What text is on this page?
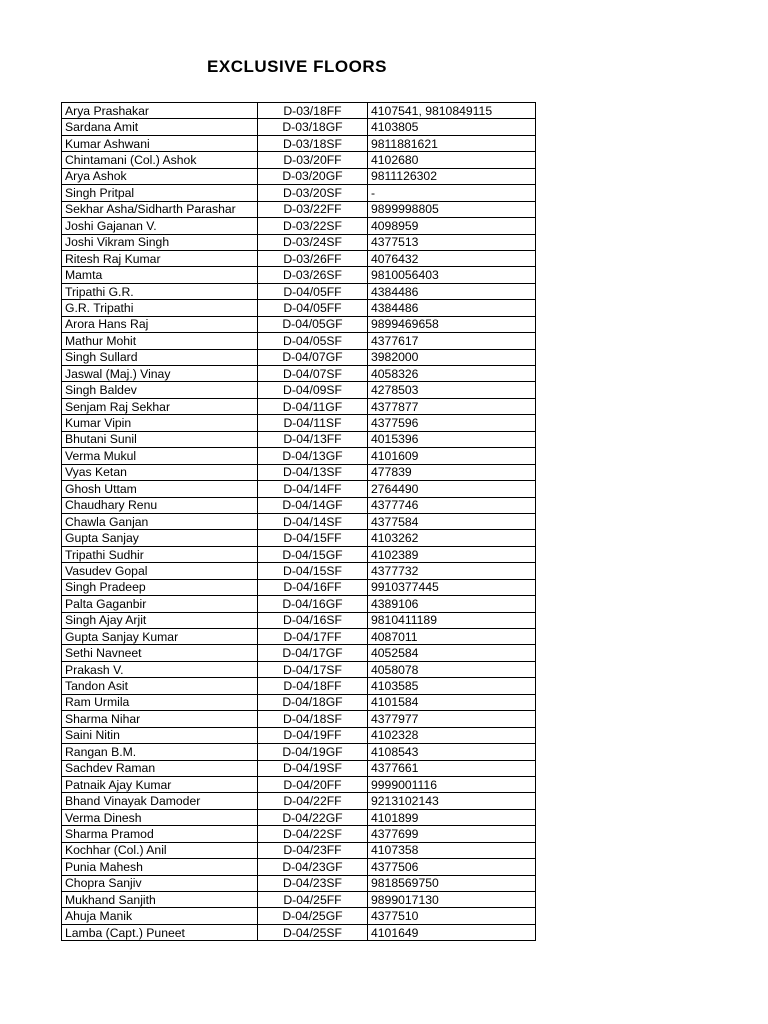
EXCLUSIVE FLOORS
Arya Prashakar	D-03/18FF	4107541, 9810849115
Sardana Amit	D-03/18GF	4103805
Kumar Ashwani	D-03/18SF	9811881621
Chintamani (Col.) Ashok	D-03/20FF	4102680
Arya Ashok	D-03/20GF	9811126302
Singh Pritpal	D-03/20SF	-
Sekhar Asha/Sidharth Parashar	D-03/22FF	9899998805
Joshi Gajanan V.	D-03/22SF	4098959
Joshi Vikram Singh	D-03/24SF	4377513
Ritesh Raj Kumar	D-03/26FF	4076432
Mamta	D-03/26SF	9810056403
Tripathi G.R.	D-04/05FF	4384486
G.R. Tripathi	D-04/05FF	4384486
Arora Hans Raj	D-04/05GF	9899469658
Mathur Mohit	D-04/05SF	4377617
Singh Sullard	D-04/07GF	3982000
Jaswal (Maj.) Vinay	D-04/07SF	4058326
Singh Baldev	D-04/09SF	4278503
Senjam Raj Sekhar	D-04/11GF	4377877
Kumar Vipin	D-04/11SF	4377596
Bhutani Sunil	D-04/13FF	4015396
Verma Mukul	D-04/13GF	4101609
Vyas Ketan	D-04/13SF	477839
Ghosh Uttam	D-04/14FF	2764490
Chaudhary Renu	D-04/14GF	4377746
Chawla Ganjan	D-04/14SF	4377584
Gupta Sanjay	D-04/15FF	4103262
Tripathi Sudhir	D-04/15GF	4102389
Vasudev Gopal	D-04/15SF	4377732
Singh Pradeep	D-04/16FF	9910377445
Palta Gaganbir	D-04/16GF	4389106
Singh Ajay Arjit	D-04/16SF	9810411189
Gupta Sanjay Kumar	D-04/17FF	4087011
Sethi Navneet	D-04/17GF	4052584
Prakash V.	D-04/17SF	4058078
Tandon Asit	D-04/18FF	4103585
Ram Urmila	D-04/18GF	4101584
Sharma Nihar	D-04/18SF	4377977
Saini Nitin	D-04/19FF	4102328
Rangan B.M.	D-04/19GF	4108543
Sachdev Raman	D-04/19SF	4377661
Patnaik Ajay Kumar	D-04/20FF	9999001116
Bhand Vinayak Damoder	D-04/22FF	9213102143
Verma Dinesh	D-04/22GF	4101899
Sharma Pramod	D-04/22SF	4377699
Kochhar (Col.) Anil	D-04/23FF	4107358
Punia Mahesh	D-04/23GF	4377506
Chopra Sanjiv	D-04/23SF	9818569750
Mukhand Sanjith	D-04/25FF	9899017130
Ahuja Manik	D-04/25GF	4377510
Lamba (Capt.) Puneet	D-04/25SF	4101649
